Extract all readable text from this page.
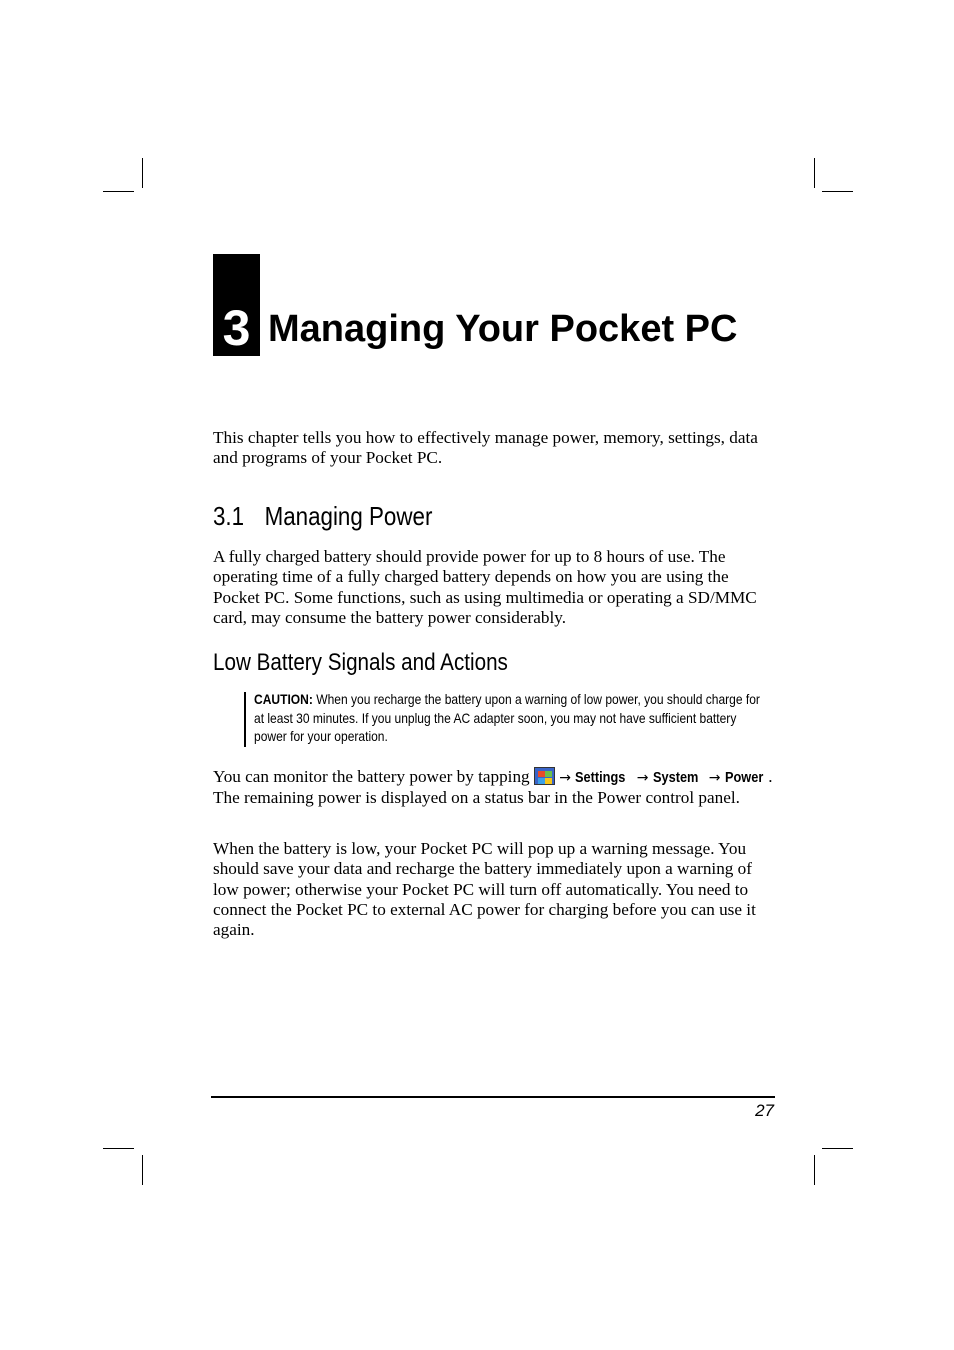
3 Managing Your Pocket PC

This chapter tells you how to effectively manage power, memory, settings, data and programs of your Pocket PC.

3.1 Managing Power

A fully charged battery should provide power for up to 8 hours of use. The operating time of a fully charged battery depends on how you are using the Pocket PC. Some functions, such as using multimedia or operating a SD/MMC card, may consume the battery power considerably.

Low Battery Signals and Actions

CAUTION: When you recharge the battery upon a warning of low power, you should charge for at least 30 minutes. If you unplug the AC adapter soon, you may not have sufficient battery power for your operation.

You can monitor the battery power by tapping
→ Settings → System → Power . The remaining power is displayed on a status bar in the Power control panel.

When the battery is low, your Pocket PC will pop up a warning message. You should save your data and recharge the battery immediately upon a warning of low power; otherwise your Pocket PC will turn off automatically. You need to connect the Pocket PC to external AC power for charging before you can use it again.

27
